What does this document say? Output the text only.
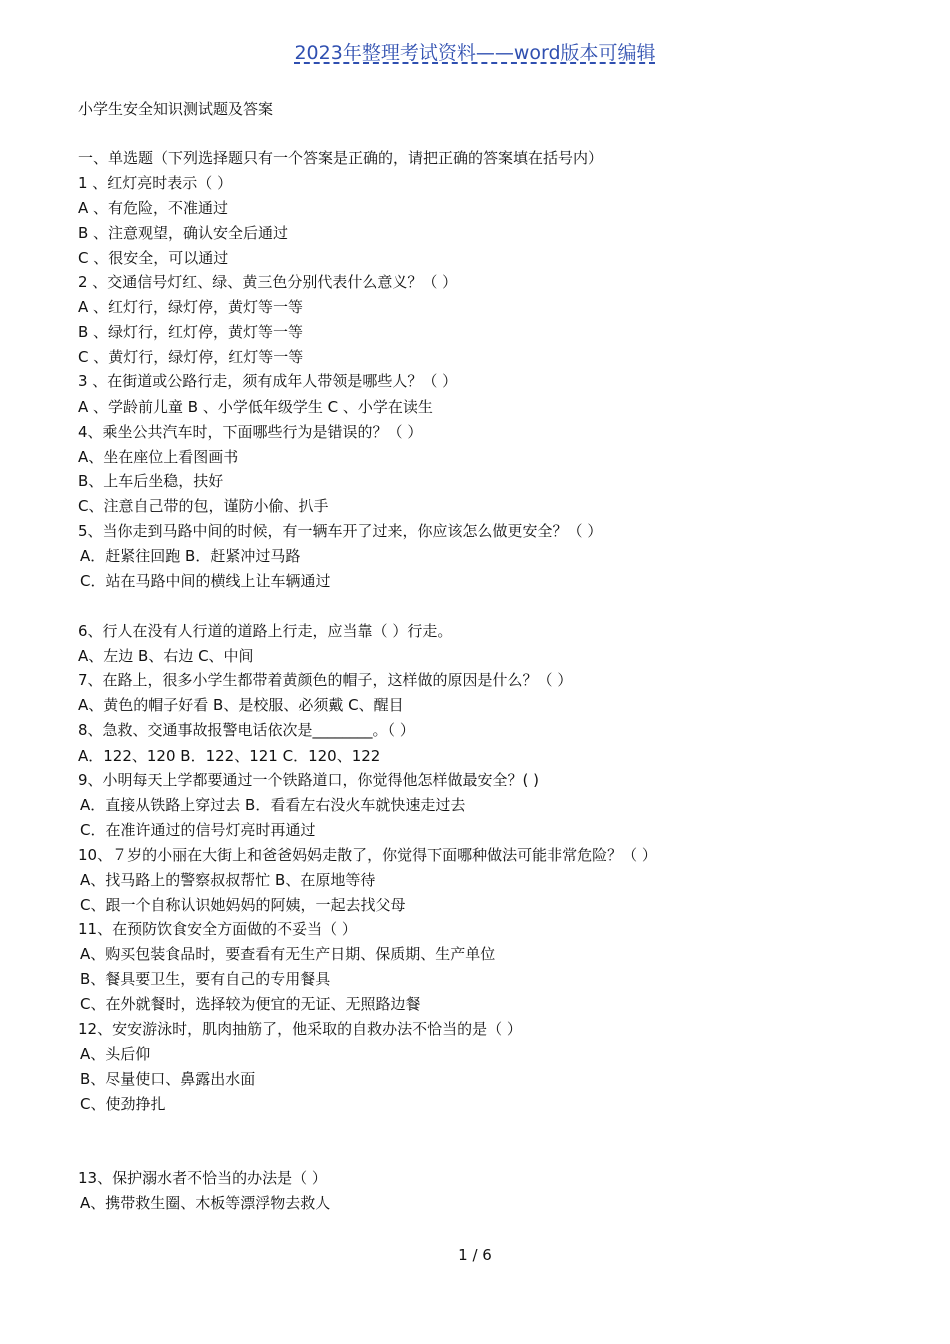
2023年整理考试资料——word版本可编辑
小学生安全知识测试题及答案
一、单选题（下列选择题只有一个答案是正确的，请把正确的答案填在括号内）
1 、红灯亮时表示（ ）
A 、有危险，不准通过
B 、注意观望，确认安全后通过
C 、很安全，可以通过
2 、交通信号灯红、绿、黄三色分别代表什么意义？（ ）
A 、红灯行，绿灯停，黄灯等一等
B 、绿灯行，红灯停，黄灯等一等
C 、黄灯行，绿灯停，红灯等一等
3 、在街道或公路行走，须有成年人带领是哪些人？（ ）
A 、学龄前儿童 B 、小学低年级学生 C 、小学在读生
4、乘坐公共汽车时，下面哪些行为是错误的？（ ）
A、坐在座位上看图画书
B、上车后坐稳，扶好
C、注意自己带的包，谨防小偷、扒手
5、当你走到马路中间的时候，有一辆车开了过来，你应该怎么做更安全？（ ）
A．赶紧往回跑 B．赶紧冲过马路
C．站在马路中间的横线上让车辆通过
6、行人在没有人行道的道路上行走，应当靠（ ）行走。
A、左边 B、右边 C、中间
7、在路上，很多小学生都带着黄颜色的帽子，这样做的原因是什么？（ ）
A、黄色的帽子好看 B、是校服、必须戴 C、醒目
8、急救、交通事故报警电话依次是________。（ ）
A．122、120 B．122、121 C．120、122
9、小明每天上学都要通过一个铁路道口，你觉得他怎样做最安全？( )
A．直接从铁路上穿过去 B．看看左右没火车就快速走过去
C．在准许通过的信号灯亮时再通过
10、７岁的小丽在大街上和爸爸妈妈走散了，你觉得下面哪种做法可能非常危险？（ ）
A、找马路上的警察叔叔帮忙 B、在原地等待
C、跟一个自称认识她妈妈的阿姨，一起去找父母
11、在预防饮食安全方面做的不妥当（ ）
A、购买包装食品时，要查看有无生产日期、保质期、生产单位
B、餐具要卫生，要有自己的专用餐具
C、在外就餐时，选择较为便宜的无证、无照路边餐
12、安安游泳时，肌肉抽筋了，他采取的自救办法不恰当的是（ ）
A、头后仰
B、尽量使口、鼻露出水面
C、使劲挣扎
13、保护溺水者不恰当的办法是（ ）
A、携带救生圈、木板等漂浮物去救人
1 / 6
